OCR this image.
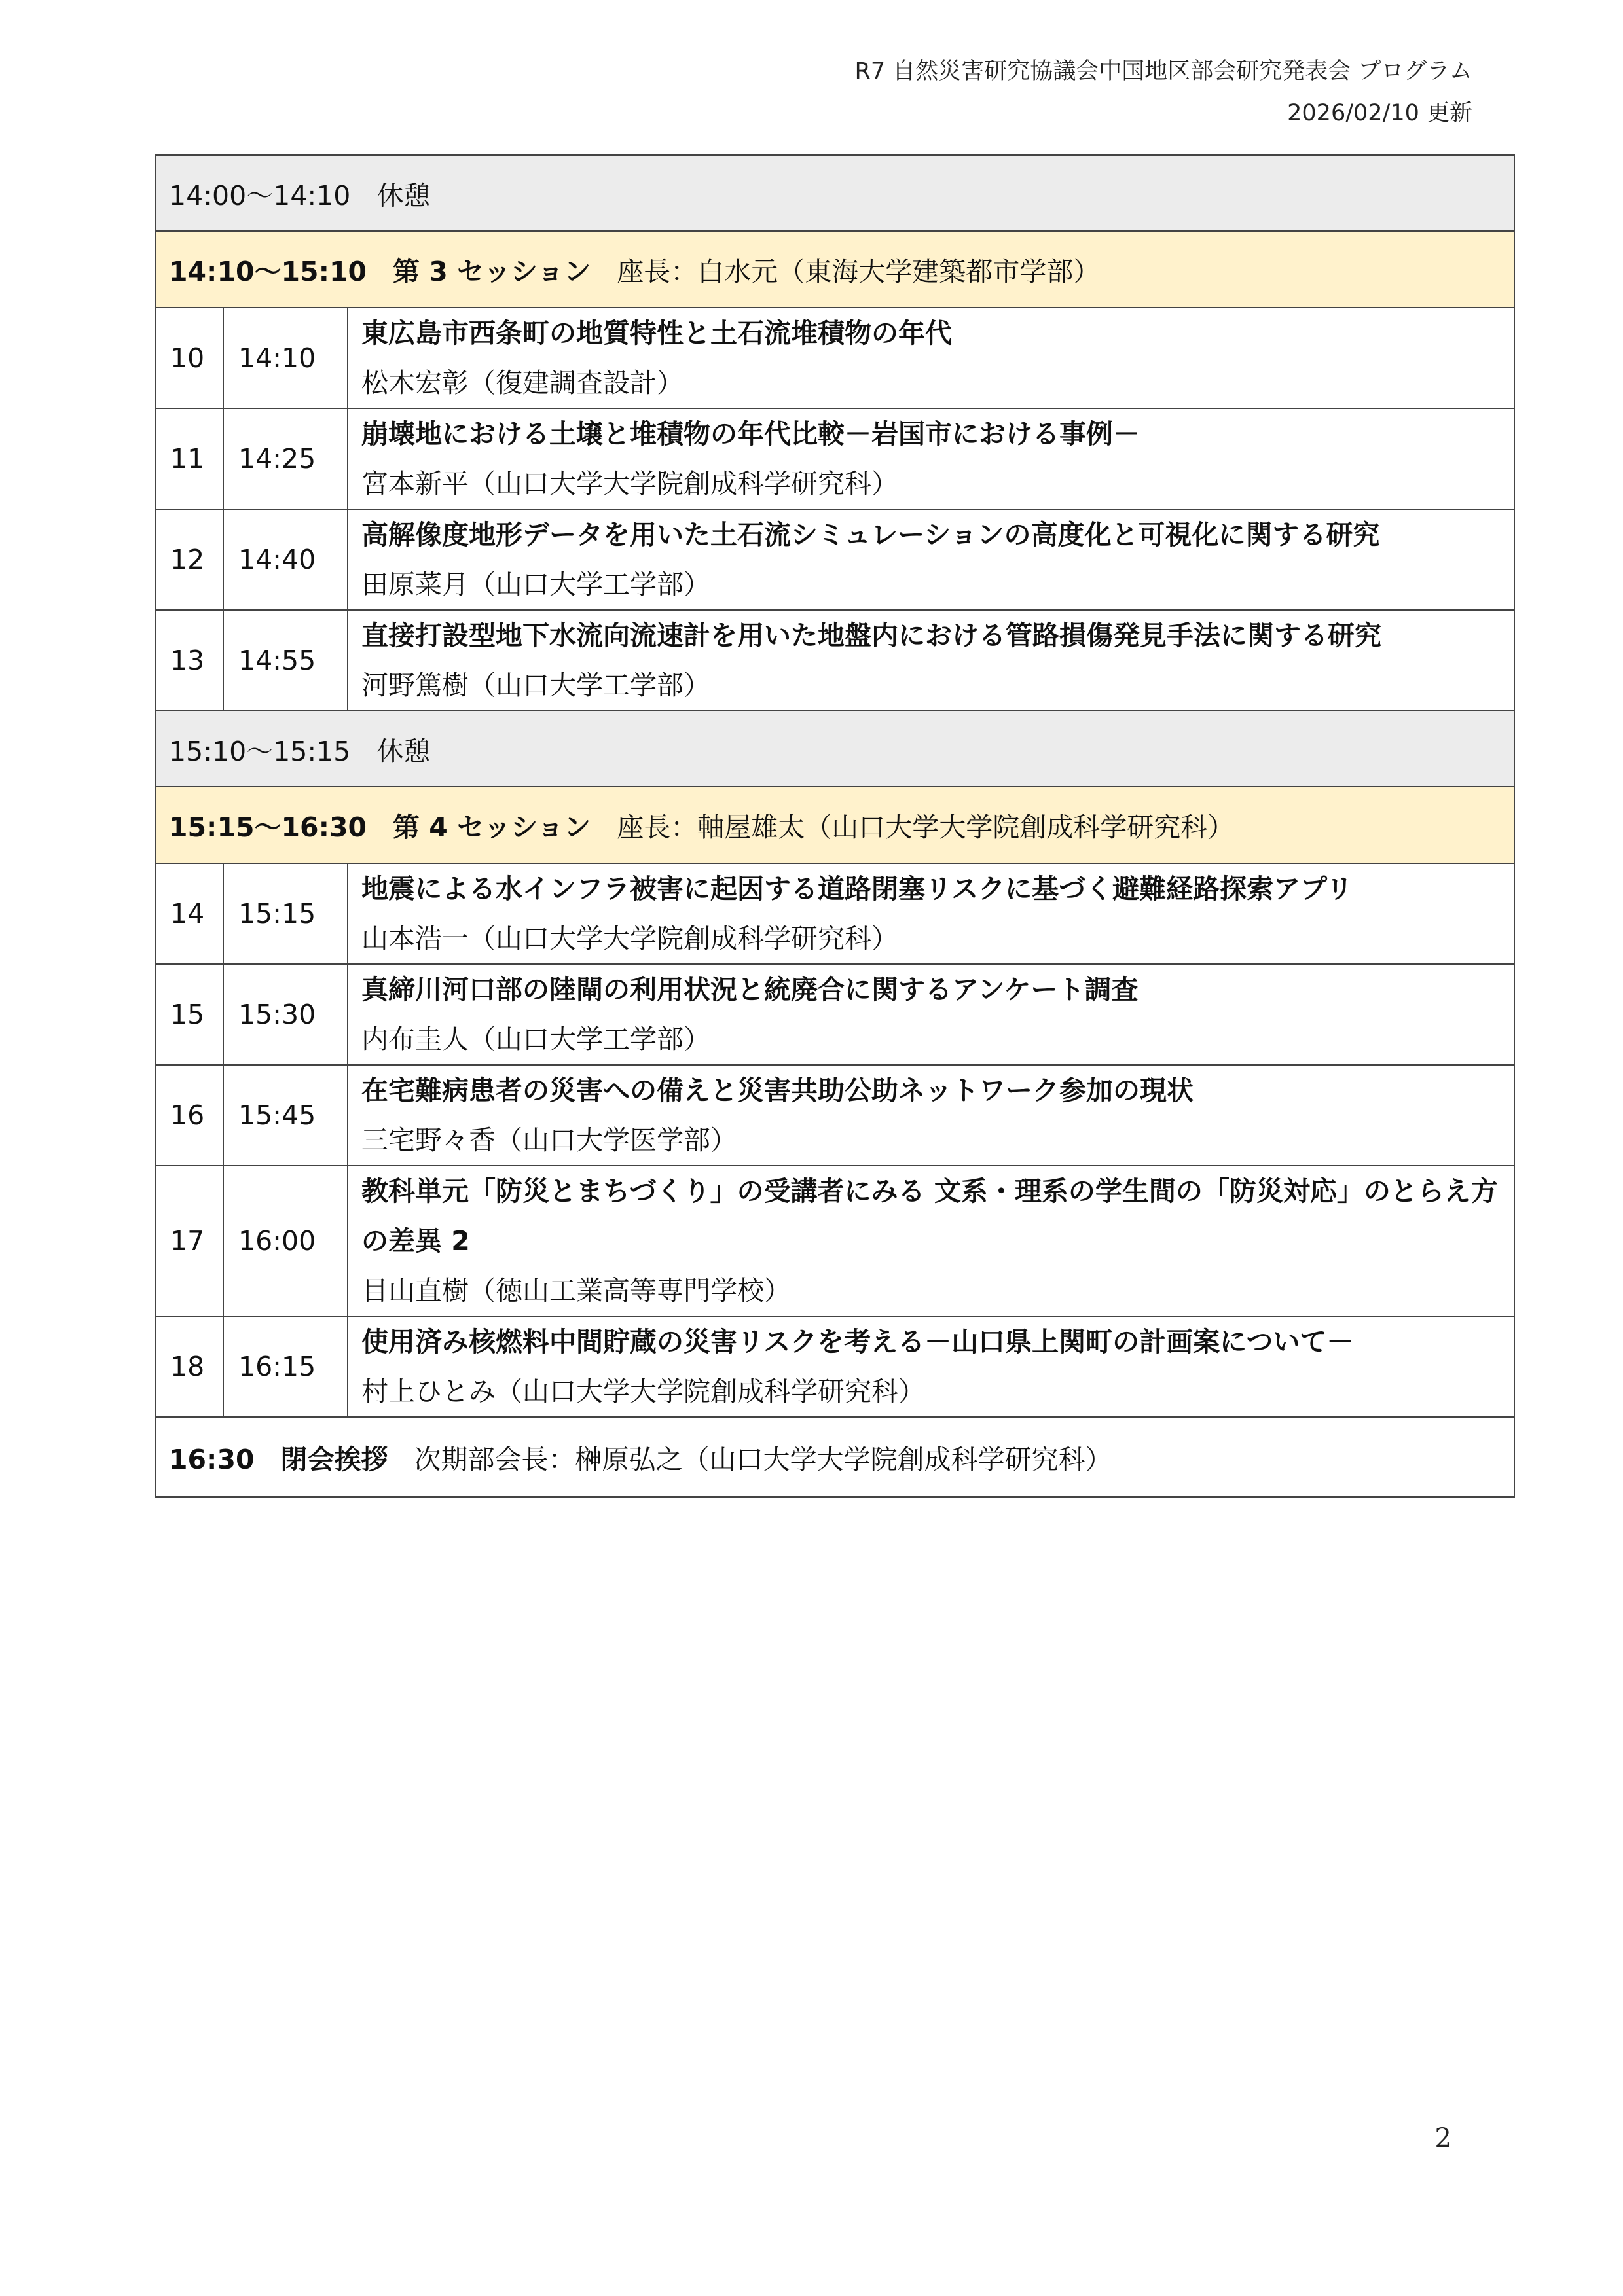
R7 自然災害研究協議会中国地区部会研究発表会 プログラム
2026/02/10 更新
14:00～14:10 休憩		
14:10～15:10 第 3 セッション 座長：白水元（東海大学建築都市学部）		
10	14:10	東広島市西条町の地質特性と土石流堆積物の年代
松木宏彰（復建調査設計）

11	14:25	崩壊地における土壌と堆積物の年代比較－岩国市における事例－
宮本新平（山口大学大学院創成科学研究科）

12	14:40	高解像度地形データを用いた土石流シミュレーションの高度化と可視化に関する研究
田原菜月（山口大学工学部）

13	14:55	直接打設型地下水流向流速計を用いた地盤内における管路損傷発見手法に関する研究
河野篤樹（山口大学工学部）

15:10～15:15 休憩		
15:15～16:30 第 4 セッション 座長：軸屋雄太（山口大学大学院創成科学研究科）		
14	15:15	地震による水インフラ被害に起因する道路閉塞リスクに基づく避難経路探索アプリ
山本浩一（山口大学大学院創成科学研究科）

15	15:30	真締川河口部の陸閘の利用状況と統廃合に関するアンケート調査
内布圭人（山口大学工学部）

16	15:45	在宅難病患者の災害への備えと災害共助公助ネットワーク参加の現状
三宅野々香（山口大学医学部）

17	16:00	教科単元「防災とまちづくり」の受講者にみる 文系・理系の学生間の「防災対応」のとらえ方の差異 2
目山直樹（徳山工業高等専門学校）

18	16:15	使用済み核燃料中間貯蔵の災害リスクを考える－山口県上関町の計画案について－
村上ひとみ（山口大学大学院創成科学研究科）

16:30 閉会挨拶 次期部会長：榊原弘之（山口大学大学院創成科学研究科）		
2
